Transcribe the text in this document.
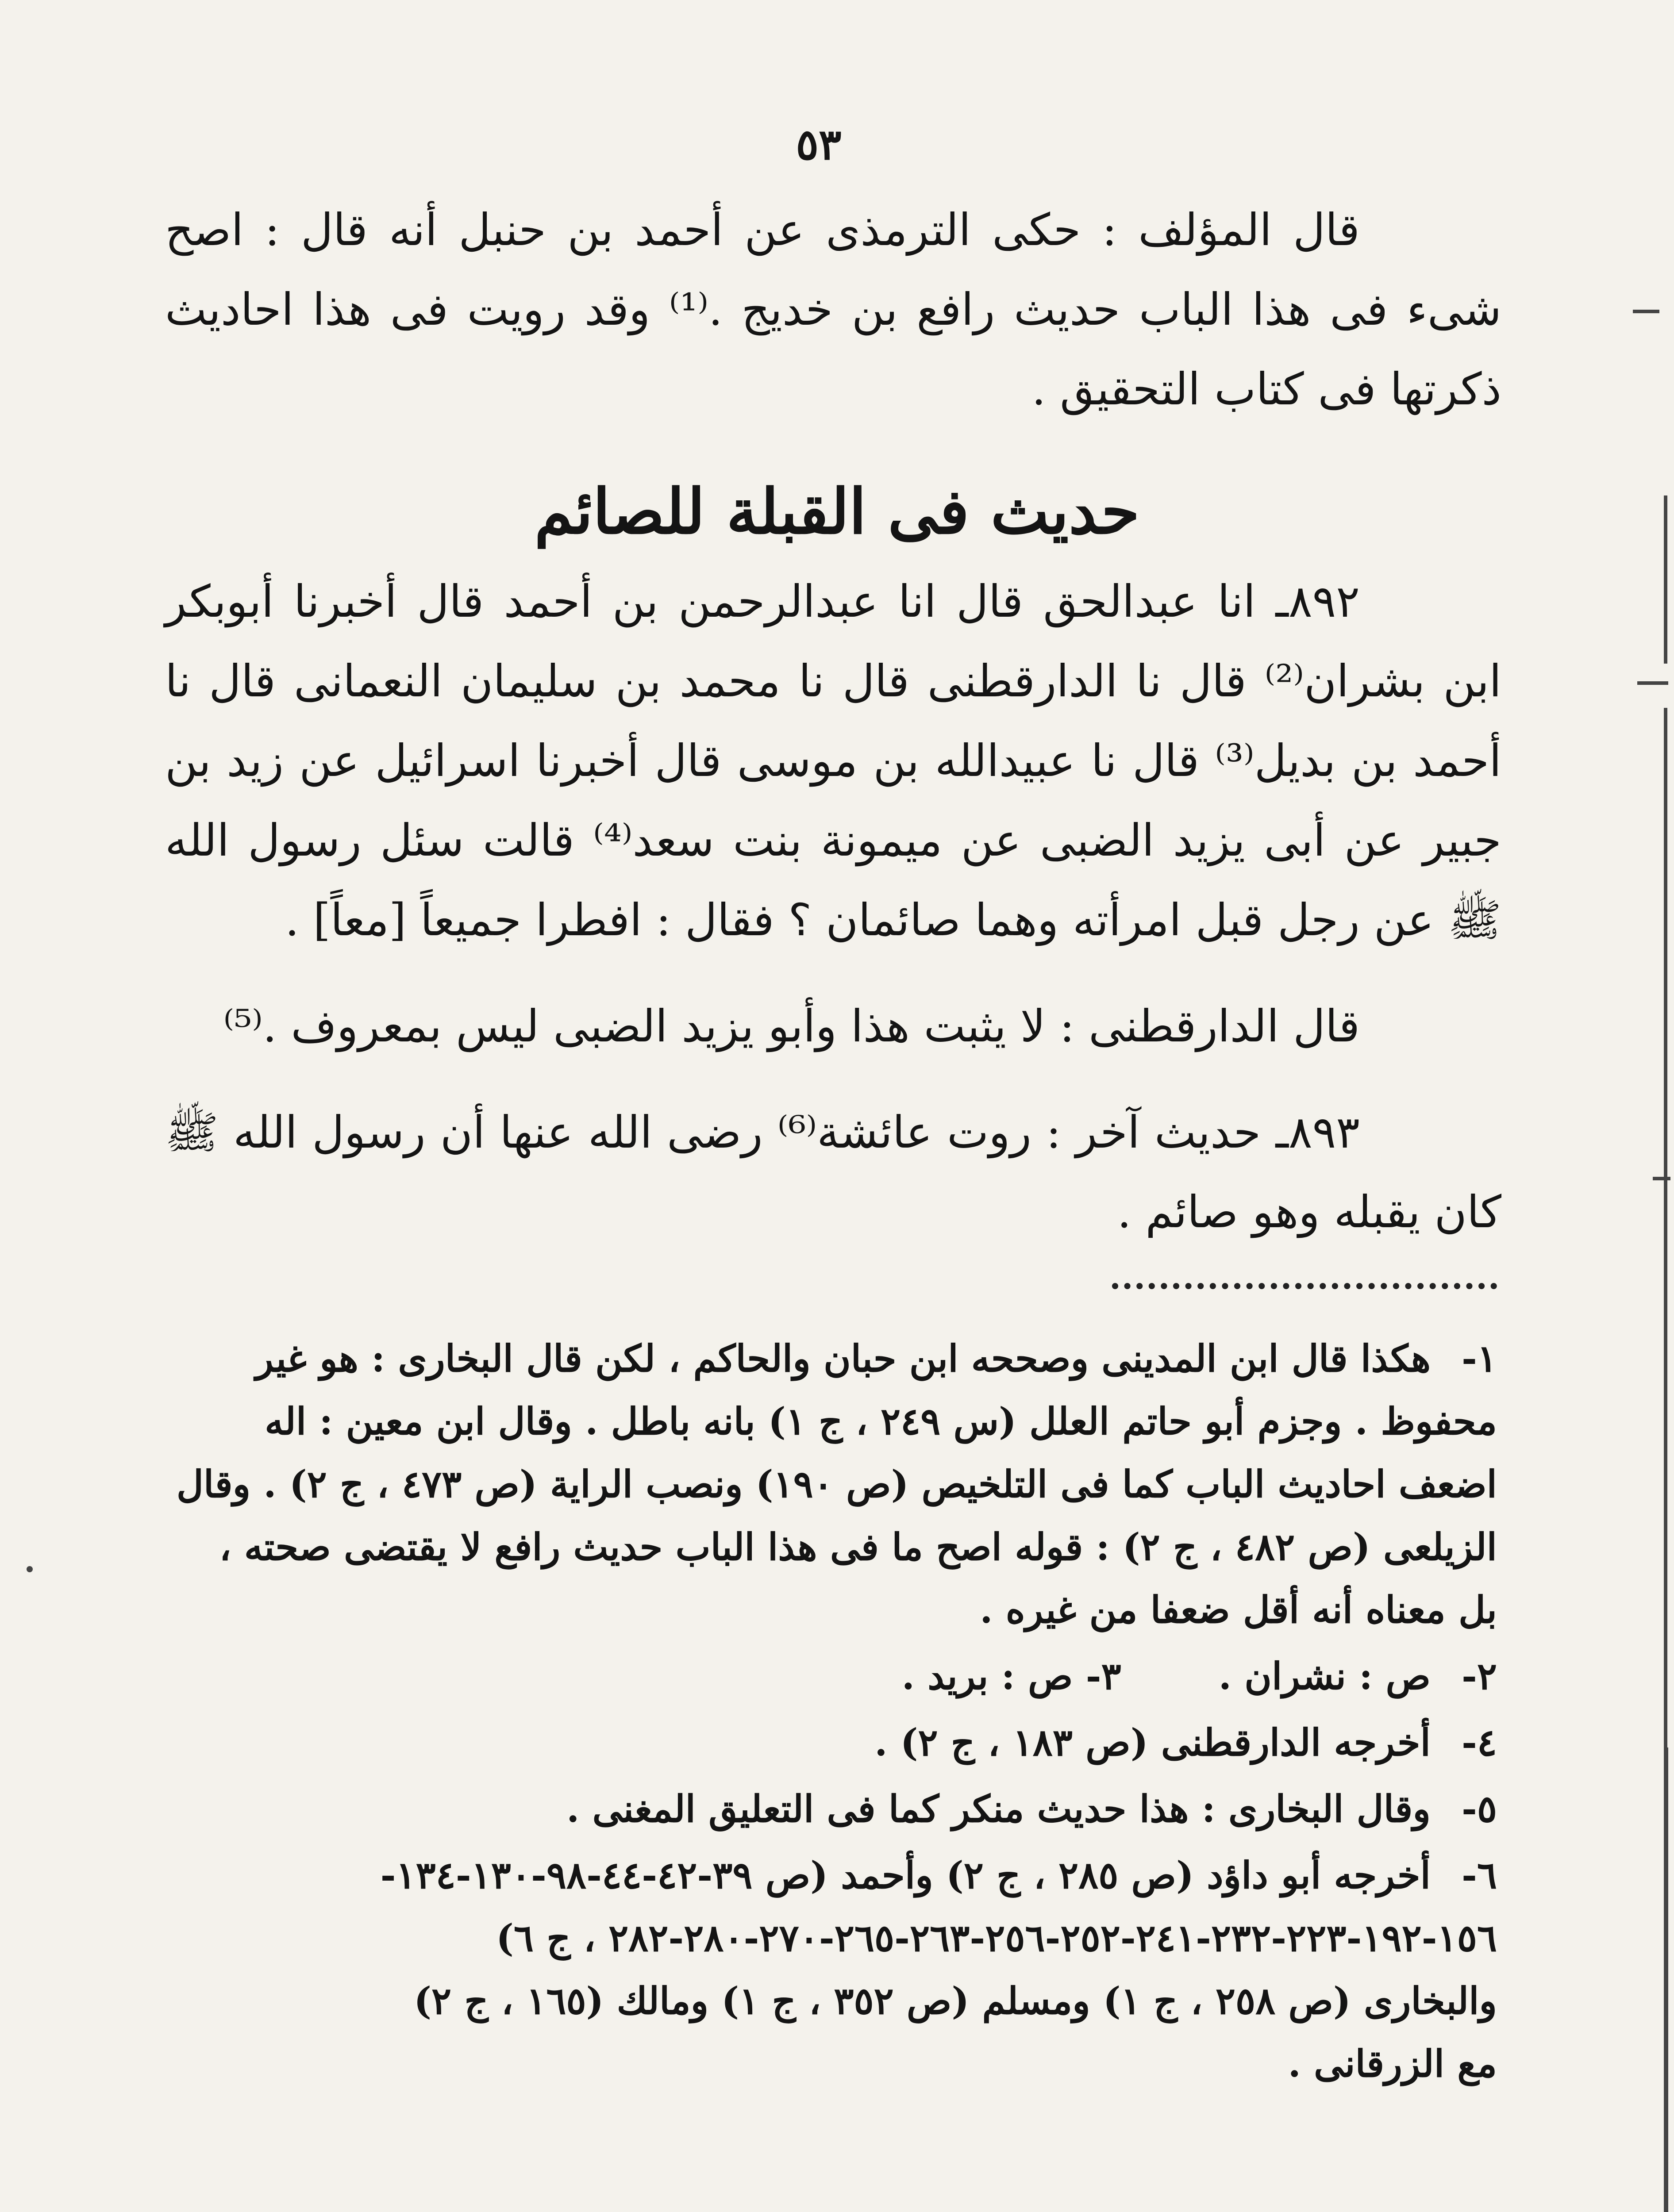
٥٣

قال المؤلف : حكى الترمذى عن أحمد بن حنبل أنه قال : اصح شىء فى هذا الباب حديث رافع بن خديج .⁽¹⁾ وقد رويت فى هذا احاديث ذكرتها فى كتاب التحقيق .

حديث فى القبلة للصائم

٨٩٢ـ انا عبدالحق قال انا عبدالرحمن بن أحمد قال أخبرنا أبوبكر ابن بشران⁽²⁾ قال نا الدارقطنى قال نا محمد بن سليمان النعمانى قال نا أحمد بن بديل⁽³⁾ قال نا عبيدالله بن موسى قال أخبرنا اسرائيل عن زيد بن جبير عن أبى يزيد الضبى عن ميمونة بنت سعد⁽⁴⁾ قالت سئل رسول الله ﷺ عن رجل قبل امرأته وهما صائمان ؟ فقال : افطرا جميعاً [معاً] .

قال الدارقطنى : لا يثبت هذا وأبو يزيد الضبى ليس بمعروف .⁽⁵⁾

٨٩٣ـ حديث آخر : روت عائشة⁽⁶⁾ رضى الله عنها أن رسول الله ﷺ كان يقبله وهو صائم .

١-هكذا قال ابن المدينى وصححه ابن حبان والحاكم ، لكن قال البخارى : هو غير محفوظ . وجزم أبو حاتم العلل (س ٢٤٩ ، ج ١) بانه باطل . وقال ابن معين : اله اضعف احاديث الباب كما فى التلخيص (ص ١٩٠) ونصب الراية (ص ٤٧٣ ، ج ٢) . وقال الزيلعى (ص ٤٨٢ ، ج ٢) : قوله اصح ما فى هذا الباب حديث رافع لا يقتضى صحته ، بل معناه أنه أقل ضعفا من غيره .
٢-ص : نشران .
٣- ص : بريد .
٤-أخرجه الدارقطنى (ص ١٨٣ ، ج ٢) .
٥-وقال البخارى : هذا حديث منكر كما فى التعليق المغنى .
٦-أخرجه أبو داؤد (ص ٢٨٥ ، ج ٢) وأحمد (ص ٣٩-٤٢-٤٤-٩٨-١٣٠-١٣٤-
١٥٦-١٩٢-٢٢٣-٢٣٢-٢٤١-٢٥٢-٢٥٦-٢٦٣-٢٦٥-٢٧٠-٢٨٠-٢٨٢ ، ج ٦)
والبخارى (ص ٢٥٨ ، ج ١) ومسلم (ص ٣٥٢ ، ج ١) ومالك (١٦٥ ، ج ٢)
مع الزرقانى .
